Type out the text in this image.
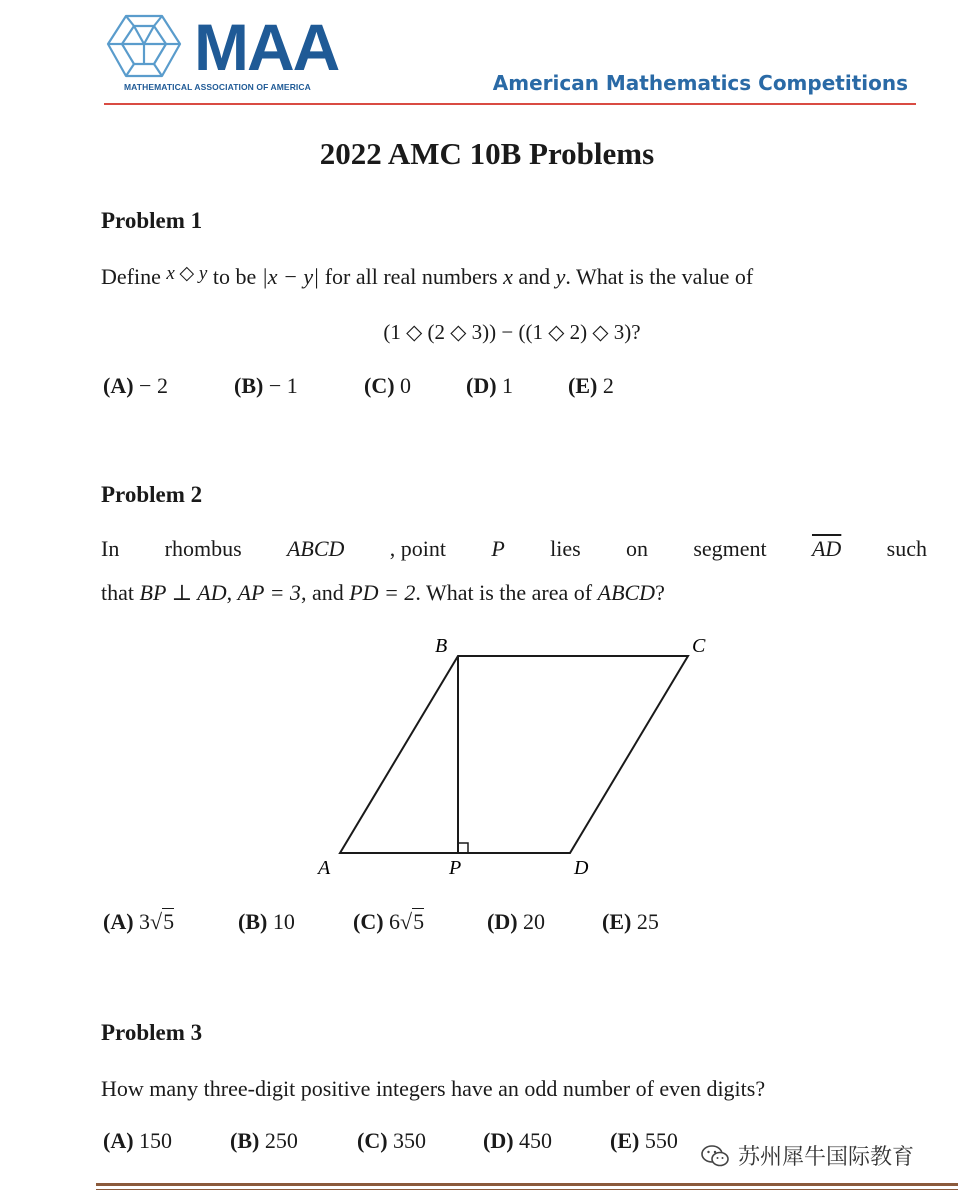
MAA
MATHEMATICAL ASSOCIATION OF AMERICA	American Mathematics Competitions
2022 AMC 10B Problems
Problem 1
Define x ◇ y to be |x − y| for all real numbers x and y. What is the value of
(1 ◇ (2 ◇ 3)) − ((1 ◇ 2) ◇ 3)?
(A) − 2	(B) − 1	(C) 0 (D) 1 (E) 2
Problem 2
In rhombus ABCD , point P lies on segment $\overline{AD}$ such
that BP ⊥ AD, AP = 3, and PD = 2. What is the area of ABCD?
B	C
A	P	D
(A) 3√5	(B) 10	(C) 6√5	(D) 20	(E) 25
Problem 3
How many three-digit positive integers have an odd number of even digits?
(A) 150	(B) 250	(C) 350	(D) 450	(E) 550
苏州犀牛国际教育
